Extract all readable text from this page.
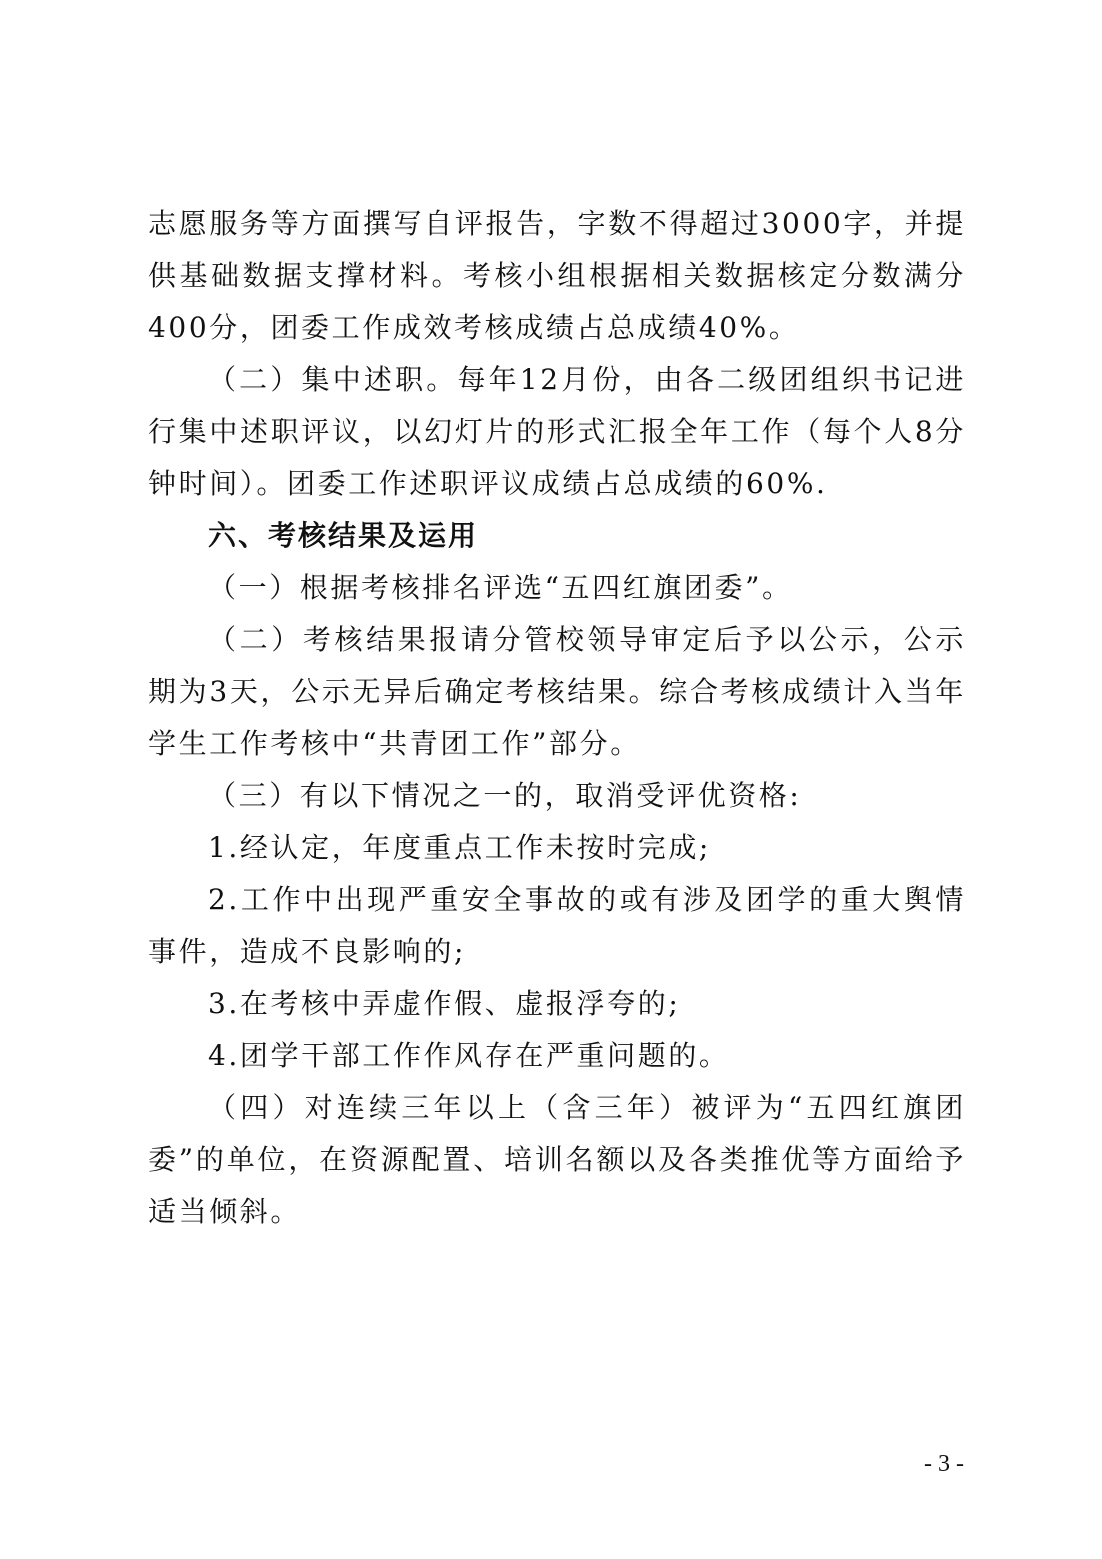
志愿服务等方面撰写自评报告，字数不得超过3000字，并提供基础数据支撑材料。考核小组根据相关数据核定分数满分400分，团委工作成效考核成绩占总成绩40%。

（二）集中述职。每年12月份，由各二级团组织书记进行集中述职评议，以幻灯片的形式汇报全年工作（每个人8分钟时间）。团委工作述职评议成绩占总成绩的60%.

六、考核结果及运用

（一）根据考核排名评选“五四红旗团委”。

（二）考核结果报请分管校领导审定后予以公示，公示期为3天，公示无异后确定考核结果。综合考核成绩计入当年学生工作考核中“共青团工作”部分。

（三）有以下情况之一的，取消受评优资格:

1.经认定，年度重点工作未按时完成;

2.工作中出现严重安全事故的或有涉及团学的重大舆情事件，造成不良影响的;

3.在考核中弄虚作假、虚报浮夸的;

4.团学干部工作作风存在严重问题的。

（四）对连续三年以上（含三年）被评为“五四红旗团委”的单位，在资源配置、培训名额以及各类推优等方面给予适当倾斜。

- 3 -
